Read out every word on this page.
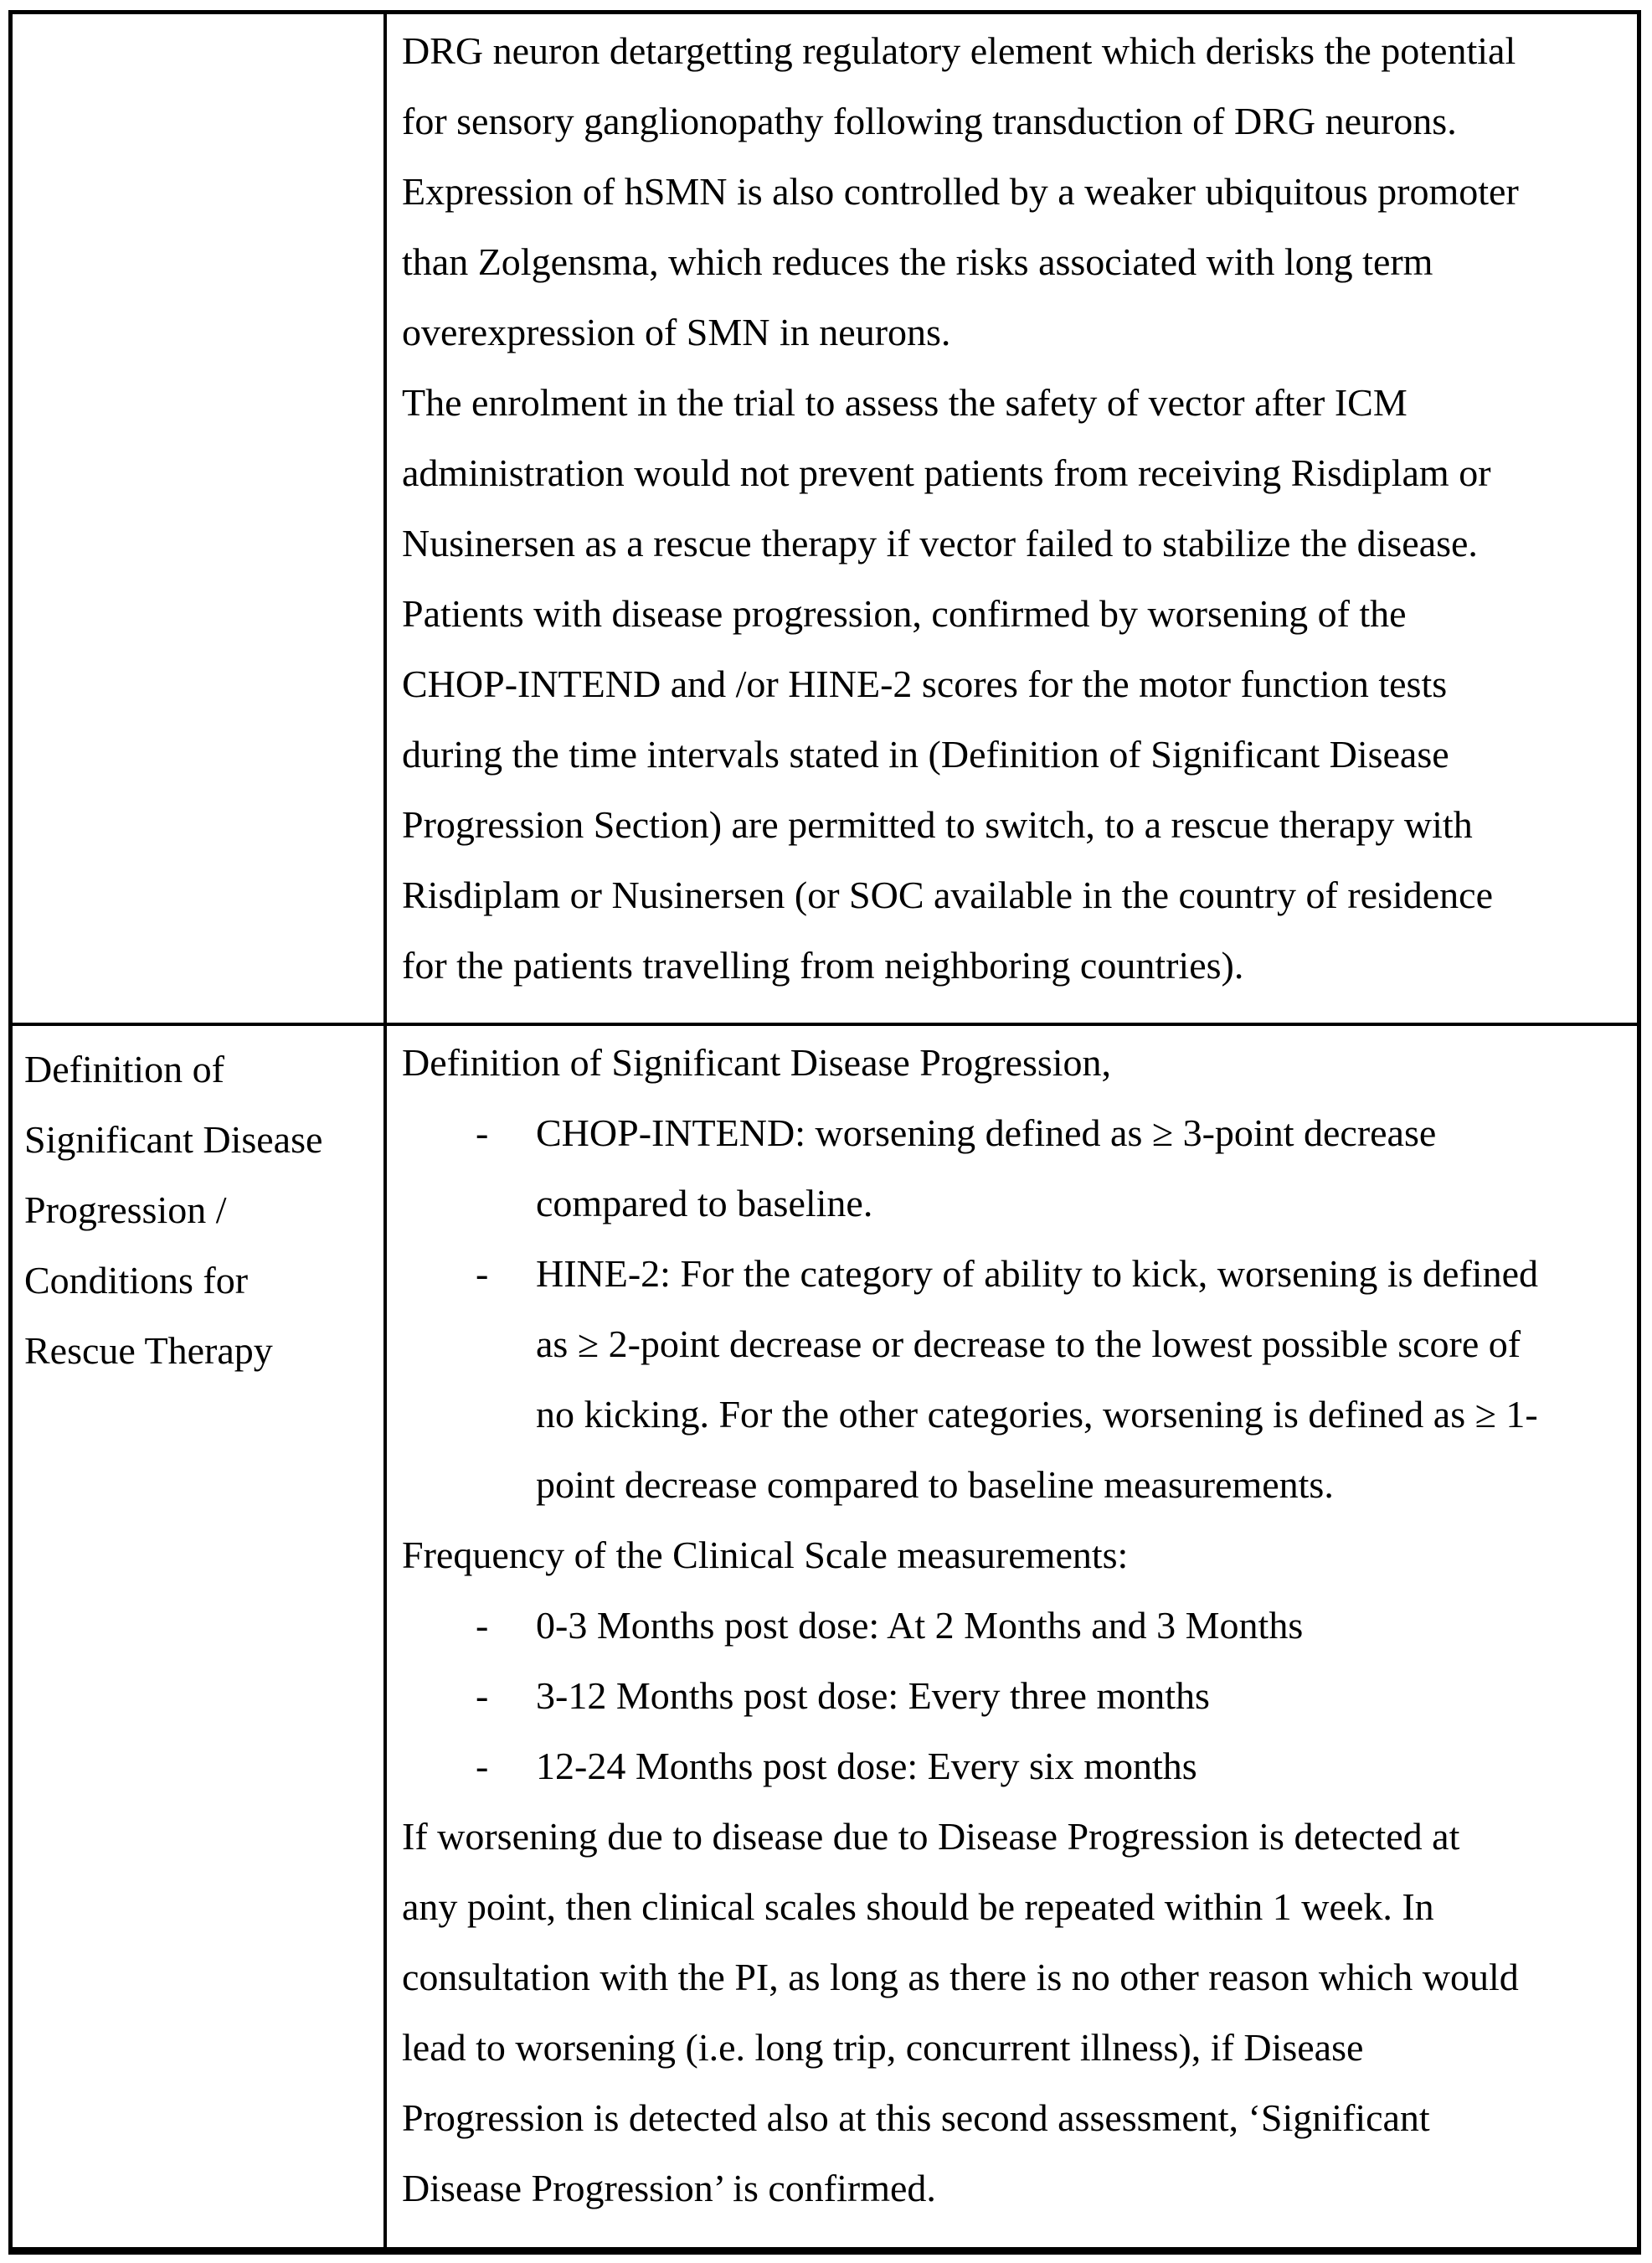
DRG neuron detargetting regulatory element which derisks the potential
for sensory ganglionopathy following transduction of DRG neurons.
Expression of hSMN is also controlled by a weaker ubiquitous promoter
than Zolgensma, which reduces the risks associated with long term
overexpression of SMN in neurons.
The enrolment in the trial to assess the safety of vector after ICM
administration would not prevent patients from receiving Risdiplam or
Nusinersen as a rescue therapy if vector failed to stabilize the disease.
Patients with disease progression, confirmed by worsening of the
CHOP-INTEND and /or HINE-2 scores for the motor function tests
during the time intervals stated in (Definition of Significant Disease
Progression Section) are permitted to switch, to a rescue therapy with
Risdiplam or Nusinersen (or SOC available in the country of residence
for the patients travelling from neighboring countries).
Definition of
Significant Disease
Progression /
Conditions for
Rescue Therapy
Definition of Significant Disease Progression,
- CHOP-INTEND: worsening defined as ≥ 3-point decrease
compared to baseline.
- HINE-2: For the category of ability to kick, worsening is defined
as ≥ 2-point decrease or decrease to the lowest possible score of
no kicking. For the other categories, worsening is defined as ≥ 1-
point decrease compared to baseline measurements.
Frequency of the Clinical Scale measurements:
- 0-3 Months post dose: At 2 Months and 3 Months
- 3-12 Months post dose: Every three months
- 12-24 Months post dose: Every six months
If worsening due to disease due to Disease Progression is detected at
any point, then clinical scales should be repeated within 1 week. In
consultation with the PI, as long as there is no other reason which would
lead to worsening (i.e. long trip, concurrent illness), if Disease
Progression is detected also at this second assessment, ‘Significant
Disease Progression’ is confirmed.
